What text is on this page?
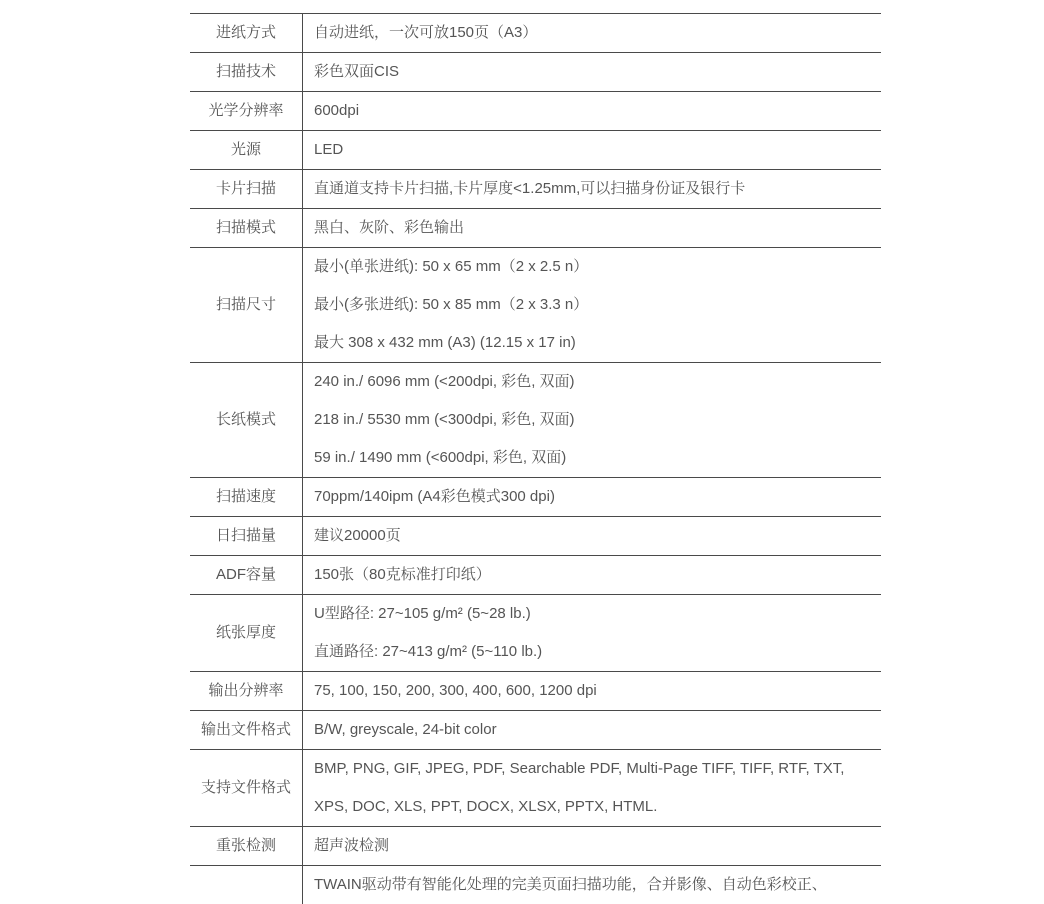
进纸方式	自动进纸，一次可放150页（A3）

扫描技术	彩色双面CIS

光学分辨率	600dpi

光源	LED

卡片扫描	直通道支持卡片扫描,卡片厚度<1.25mm,可以扫描身份证及银行卡

扫描模式	黑白、灰阶、彩色输出

扫描尺寸	最小(单张进纸): 50 x 65 mm（2 x 2.5 n）
最小(多张进纸): 50 x 85 mm（2 x 3.3 n）
最大 308 x 432 mm (A3) (12.15 x 17 in)

长纸模式	240 in./ 6096 mm (<200dpi, 彩色, 双面)
218 in./ 5530 mm (<300dpi, 彩色, 双面)
59 in./ 1490 mm (<600dpi, 彩色, 双面)

扫描速度	70ppm/140ipm (A4彩色模式300 dpi)

日扫描量	建议20000页

ADF容量	150张（80克标准打印纸）

纸张厚度	U型路径: 27~105 g/m² (5~28 lb.)
直通路径: 27~413 g/m² (5~110 lb.)

输出分辨率	75, 100, 150, 200, 300, 400, 600, 1200 dpi

输出文件格式	B/W, greyscale, 24-bit color

支持文件格式	BMP, PNG, GIF, JPEG, PDF, Searchable PDF, Multi-Page TIFF, TIFF, RTF, TXT,
XPS, DOC, XLS, PPT, DOCX, XLSX, PPTX, HTML.

重张检测	超声波检测

	TWAIN驱动带有智能化处理的完美页面扫描功能，合并影像、自动色彩校正、
